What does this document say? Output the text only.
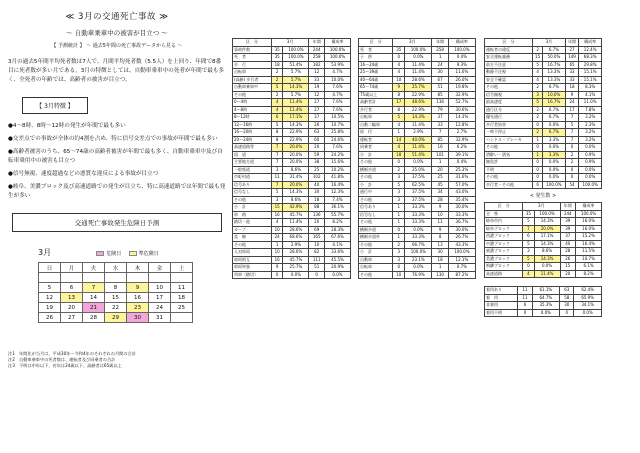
≪ 3月の交通死亡事故 ≫
～ 自動車乗車中の被害が目立つ ～
【 予測統計 】 ～ 過去5年間の死亡事故データから見る ～
3月の過去5年間平均死者数は7人で、月間平均死者数（5.5人）を上回り、年間で8番目に死者数が多い月である。3月の特徴としては、自動車乗車中の死者が年間で最も多く、全死者の年齢では、高齢者の被害が目立つ。
【 3月特徴 】
●4～8時、8時～12時の発生が年間で最も多い
●交差点での事故が全体の約4割を占め、特に信号交差点での事故が年間で最も多い
●高齢者被害のうち、65～74歳の高齢者被害が年間で最も多く、自動車乗車中及び自転車乗用中の被害も目立つ
●信号無視、速度超過などの悪質な違反による事故が目立つ
●岐阜、美濃ブロック及び高速道路での発生が目立ち、特に高速道路では年間で最も発生が多い
交通死亡事故発生危険日予測
3月	危険日	準危険日
日	月	火	水	木	金	土

5	6	7	8	9	10	11
12	13	14	15	16	17	18
19	20	21	22	23	24	25
26	27	28	29	30	31	
注1　年間比が当月は、平成30年～令和4年のそれぞれの月間の合計
注2　自動車乗車中の死者数は、運転者及び同乗者の合計
注3　不明は中年以下、若年は24歳以下、高齢者は65歳以上
区　分	3月		年間	構成率
事故件数	35	100.0%	244	100.0%
死　者	35	100.0%	258	100.0%
歩　行	18	51.4%	182	53.9%
自転車	2	5.7%	12	4.7%
(高齢) 歩行者	2	5.7%	33	10.0%
自動車乗車中	5	14.3%	19	7.6%
その他	2	5.7%	12	4.7%
0～4時	4	11.4%	27	7.6%
4～8時	4	11.4%	27	7.6%
8～12時	6	17.1%	37	10.5%
12～16時	5	14.3%	26	10.7%
16～20時	8	22.9%	63	25.8%
20～24時	8	22.9%	60	24.6%
高速道路等	7	20.0%	20	7.6%
国　道	7	20.0%	59	24.2%
主要地方道	7	20.0%	38	15.6%
一般県道	3	8.6%	25	10.2%
市町村道	11	31.4%	102	41.8%
信号あり	7	20.0%	40	16.4%
信号なし	5	14.3%	30	12.3%
その他	3	8.6%	18	7.4%
小　計	15	42.9%	88	36.1%
単　路	16	45.7%	136	55.7%
踏切・他	4	11.4%	20	8.2%
カーブ	10	28.6%	69	28.3%
直　線	24	68.6%	165	67.6%
その他	1	2.9%	10	4.1%
人対車両	10	28.6%	82	33.6%
車両相互	16	45.7%	111	45.5%
車両単独	9	25.7%	51	20.9%
列車（踏切）	0	0.0%	0	0.0%
区　分	3月		年間	構成率
死　者	35	100.0%	258	100.0%
子　供	0	0.0%	1	0.4%
16～24歳	4	11.4%	24	9.3%
25～39歳	4	11.4%	30	11.6%
40～64歳	10	28.6%	67	26.0%
65～74歳	9	25.7%	51	19.8%
75歳以上	8	22.9%	85	32.9%
高齢者計	17	48.6%	136	52.7%
歩行者	8	22.9%	79	30.6%
自転車	5	14.3%	37	14.3%
自動二輪車	4	11.4%	33	12.8%
原　付	1	2.9%	7	2.7%
運転者	14	40.0%	85	32.9%
同乗者	4	11.4%	16	6.2%
小　計	18	51.4%	101	39.1%
その他	0	0.0%	1	0.4%
横断歩道	2	25.0%	20	25.3%
その他	3	37.5%	25	31.6%
小　計	5	62.5%	45	57.0%
通行中	3	37.5%	34	43.0%
その他	3	37.5%	28	35.4%
信号あり	1	33.3%	9	30.0%
信号なし	1	33.3%	10	33.3%
その他	1	33.3%	11	36.7%
横断歩道	0	0.0%	9	30.0%
横断歩道外	1	33.3%	8	26.7%
その他	2	66.7%	13	43.3%
小　計	3	100.0%	30	100.0%
自動車	3	23.1%	18	12.1%
自転車	0	0.0%	1	0.7%
その他	10	76.9%	130	87.2%
区　分	3月		年間	構成率
運転者の違反	2	6.7%	27	12.4%
安全運転義務	15	50.0%	149	68.3%
前方不注意	5	16.7%	65	29.8%
動静不注視	4	13.3%	33	15.1%
安全不確認	4	13.3%	33	15.1%
その他	2	6.7%	18	8.3%
信号無視	3	10.0%	9	4.1%
最高速度	5	16.7%	24	11.0%
通行区分	2	6.7%	17	7.8%
優先通行	2	6.7%	7	3.2%
歩行者妨害	0	0.0%	5	2.3%
一時不停止	2	6.7%	7	3.2%
ハンドル・ブレーキ	1	3.3%	7	3.2%
その他	0	0.0%	0	0.0%
酒酔い・酒気	1	3.3%	2	0.9%
無免許	0	0.0%	2	0.9%
不明	0	0.0%	0	0.0%
その他	0	0.0%	0	0.0%
歩行者・その他	6	100.0%	54	100.0%
< 発生数 >
区　分	3月		年間	構成率
全　県	35	100.0%	244	100.0%
岐阜市内	5	14.3%	39	16.0%
岐阜ブロック	7	20.0%	39	16.0%
西濃ブロック	6	17.1%	37	15.2%
中濃ブロック	5	14.3%	40	16.4%
東濃ブロック	3	8.6%	28	11.5%
美濃ブロック	5	14.3%	26	10.7%
飛騨ブロック	0	0.0%	15	6.1%
高速道路	4	11.4%	20	8.2%
着用あり	11	61.1%	63	62.4%
着　用	11	64.7%	58	65.9%
非着用	6	35.3%	30	34.1%
着用不明	0	0.0%	0	0.0%
